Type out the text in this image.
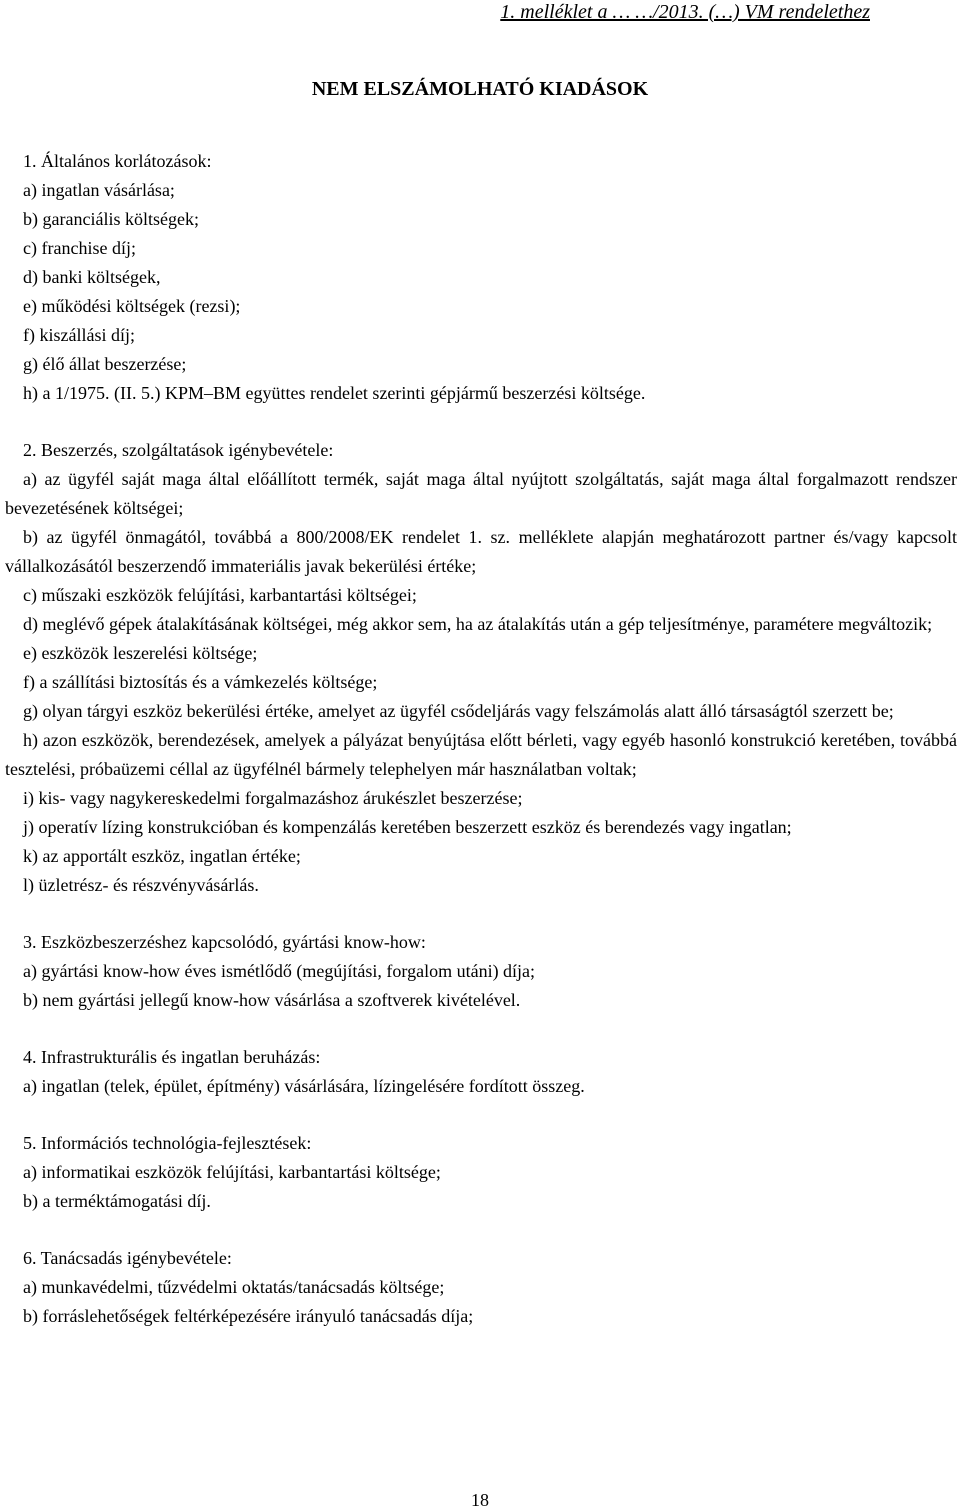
1. melléklet a … …/2013. (…) VM rendelethez
NEM ELSZÁMOLHATÓ KIADÁSOK
1. Általános korlátozások:
a) ingatlan vásárlása;
b) garanciális költségek;
c) franchise díj;
d) banki költségek,
e) működési költségek (rezsi);
f) kiszállási díj;
g) élő állat beszerzése;
h) a 1/1975. (II. 5.) KPM–BM együttes rendelet szerinti gépjármű beszerzési költsége.
2. Beszerzés, szolgáltatások igénybevétele:
a) az ügyfél saját maga által előállított termék, saját maga által nyújtott szolgáltatás, saját maga által forgalmazott rendszer bevezetésének költségei;
b) az ügyfél önmagától, továbbá a 800/2008/EK rendelet 1. sz. melléklete alapján meghatározott partner és/vagy kapcsolt vállalkozásától beszerzendő immateriális javak bekerülési értéke;
c) műszaki eszközök felújítási, karbantartási költségei;
d) meglévő gépek átalakításának költségei, még akkor sem, ha az átalakítás után a gép teljesítménye, paramétere megváltozik;
e) eszközök leszerelési költsége;
f) a szállítási biztosítás és a vámkezelés költsége;
g) olyan tárgyi eszköz bekerülési értéke, amelyet az ügyfél csődeljárás vagy felszámolás alatt álló társaságtól szerzett be;
h) azon eszközök, berendezések, amelyek a pályázat benyújtása előtt bérleti, vagy egyéb hasonló konstrukció keretében, továbbá tesztelési, próbaüzemi céllal az ügyfélnél bármely telephelyen már használatban voltak;
i) kis- vagy nagykereskedelmi forgalmazáshoz árukészlet beszerzése;
j) operatív lízing konstrukcióban és kompenzálás keretében beszerzett eszköz és berendezés vagy ingatlan;
k) az apportált eszköz, ingatlan értéke;
l) üzletrész- és részvényvásárlás.
3. Eszközbeszerzéshez kapcsolódó, gyártási know-how:
a) gyártási know-how éves ismétlődő (megújítási, forgalom utáni) díja;
b) nem gyártási jellegű know-how vásárlása a szoftverek kivételével.
4. Infrastrukturális és ingatlan beruházás:
a) ingatlan (telek, épület, építmény) vásárlására, lízingelésére fordított összeg.
5. Információs technológia-fejlesztések:
a) informatikai eszközök felújítási, karbantartási költsége;
b) a terméktámogatási díj.
6. Tanácsadás igénybevétele:
a) munkavédelmi, tűzvédelmi oktatás/tanácsadás költsége;
b) forráslehetőségek feltérképezésére irányuló tanácsadás díja;
18
